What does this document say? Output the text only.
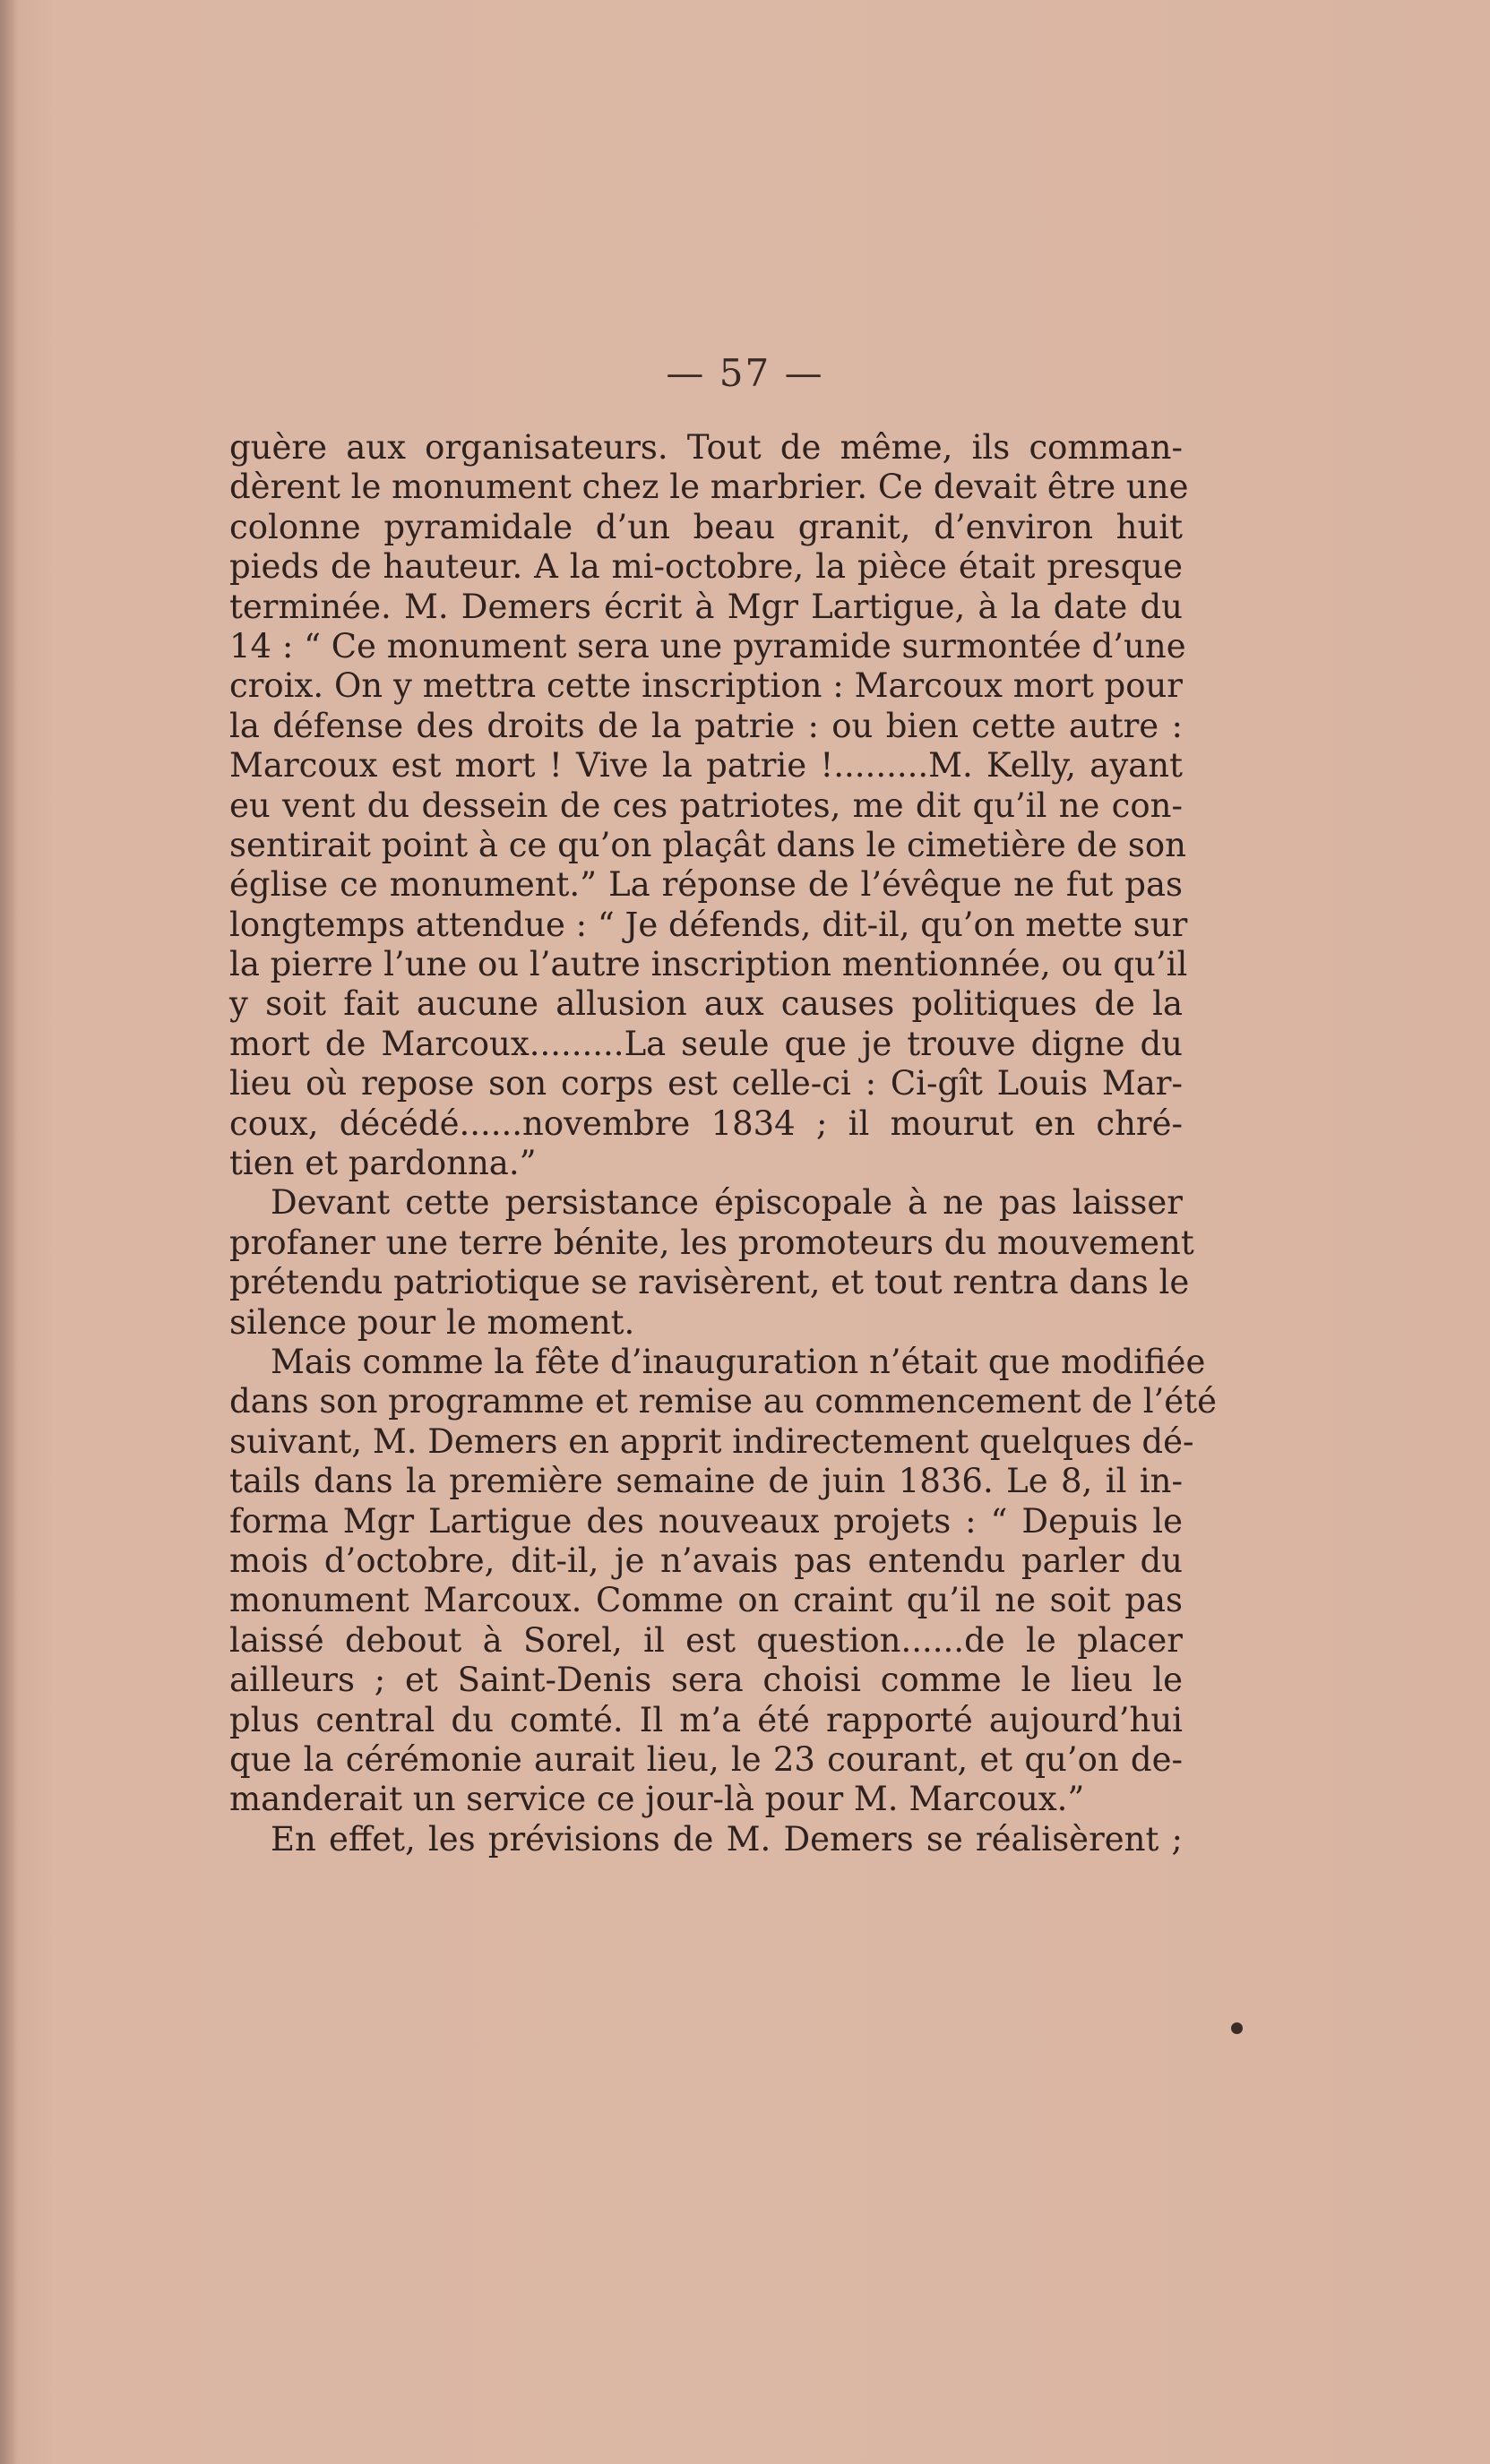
— 57 —
guère aux organisateurs. Tout de même, ils comman-
dèrent le monument chez le marbrier. Ce devait être une
colonne pyramidale d’un beau granit, d’environ huit
pieds de hauteur. A la mi-octobre, la pièce était presque
terminée. M. Demers écrit à Mgr Lartigue, à la date du
14 : “ Ce monument sera une pyramide surmontée d’une
croix. On y mettra cette inscription : Marcoux mort pour
la défense des droits de la patrie : ou bien cette autre :
Marcoux est mort ! Vive la patrie !.........M. Kelly, ayant
eu vent du dessein de ces patriotes, me dit qu’il ne con-
sentirait point à ce qu’on plaçât dans le cimetière de son
église ce monument.” La réponse de l’évêque ne fut pas
longtemps attendue : “ Je défends, dit-il, qu’on mette sur
la pierre l’une ou l’autre inscription mentionnée, ou qu’il
y soit fait aucune allusion aux causes politiques de la
mort de Marcoux.........La seule que je trouve digne du
lieu où repose son corps est celle-ci : Ci-gît Louis Mar-
coux, décédé......novembre 1834 ; il mourut en chré-
tien et pardonna.”
Devant cette persistance épiscopale à ne pas laisser
profaner une terre bénite, les promoteurs du mouvement
prétendu patriotique se ravisèrent, et tout rentra dans le
silence pour le moment.
Mais comme la fête d’inauguration n’était que modifiée
dans son programme et remise au commencement de l’été
suivant, M. Demers en apprit indirectement quelques dé-
tails dans la première semaine de juin 1836. Le 8, il in-
forma Mgr Lartigue des nouveaux projets : “ Depuis le
mois d’octobre, dit-il, je n’avais pas entendu parler du
monument Marcoux. Comme on craint qu’il ne soit pas
laissé debout à Sorel, il est question......de le placer
ailleurs ; et Saint-Denis sera choisi comme le lieu le
plus central du comté. Il m’a été rapporté aujourd’hui
que la cérémonie aurait lieu, le 23 courant, et qu’on de-
manderait un service ce jour-là pour M. Marcoux.”
En effet, les prévisions de M. Demers se réalisèrent ;
